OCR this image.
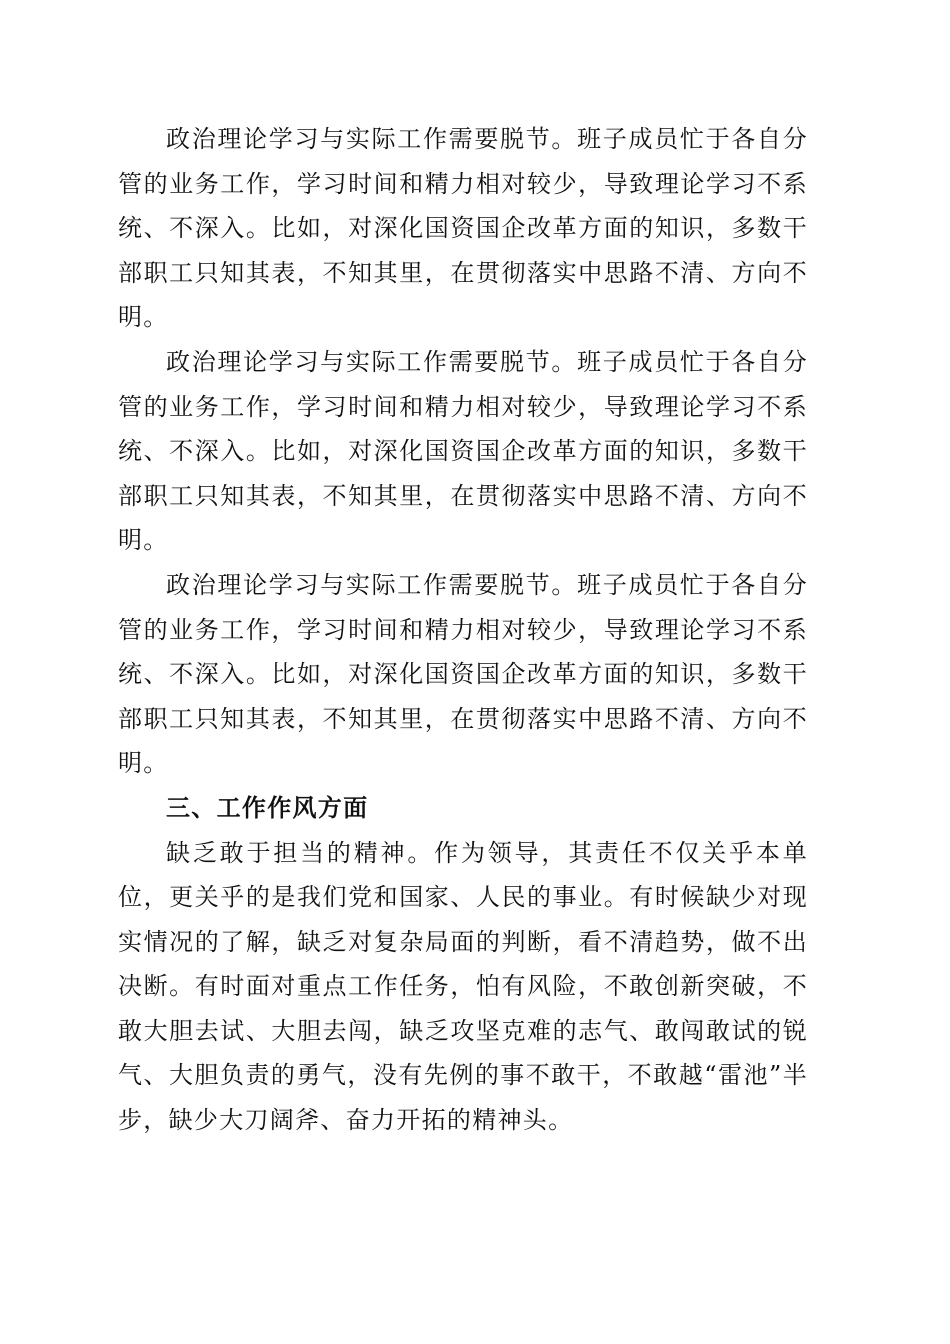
政治理论学习与实际工作需要脱节。班子成员忙于各自分管的业务工作，学习时间和精力相对较少，导致理论学习不系统、不深入。比如，对深化国资国企改革方面的知识，多数干部职工只知其表，不知其里，在贯彻落实中思路不清、方向不明。

政治理论学习与实际工作需要脱节。班子成员忙于各自分管的业务工作，学习时间和精力相对较少，导致理论学习不系统、不深入。比如，对深化国资国企改革方面的知识，多数干部职工只知其表，不知其里，在贯彻落实中思路不清、方向不明。

政治理论学习与实际工作需要脱节。班子成员忙于各自分管的业务工作，学习时间和精力相对较少，导致理论学习不系统、不深入。比如，对深化国资国企改革方面的知识，多数干部职工只知其表，不知其里，在贯彻落实中思路不清、方向不明。

三、工作作风方面

缺乏敢于担当的精神。作为领导，其责任不仅关乎本单位，更关乎的是我们党和国家、人民的事业。有时候缺少对现实情况的了解，缺乏对复杂局面的判断，看不清趋势，做不出决断。有时面对重点工作任务，怕有风险，不敢创新突破，不敢大胆去试、大胆去闯，缺乏攻坚克难的志气、敢闯敢试的锐气、大胆负责的勇气，没有先例的事不敢干，不敢越“雷池”半步，缺少大刀阔斧、奋力开拓的精神头。
